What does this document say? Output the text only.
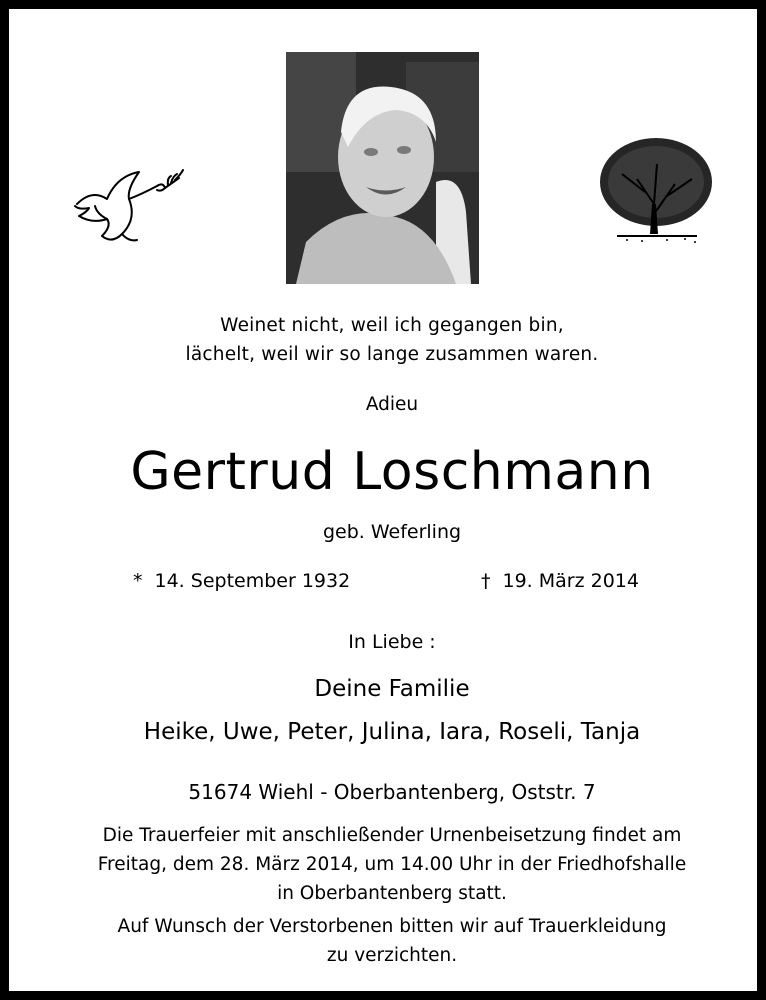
Weinet nicht, weil ich gegangen bin,
lächelt, weil wir so lange zusammen waren.
Adieu
Gertrud Loschmann
geb. Weferling
* 14. September 1932	† 19. März 2014
In Liebe :
Deine Familie
Heike, Uwe, Peter, Julina, Iara, Roseli, Tanja
51674 Wiehl - Oberbantenberg, Oststr. 7
Die Trauerfeier mit anschließender Urnenbeisetzung findet am
Freitag, dem 28. März 2014, um 14.00 Uhr in der Friedhofshalle
in Oberbantenberg statt.
Auf Wunsch der Verstorbenen bitten wir auf Trauerkleidung
zu verzichten.
